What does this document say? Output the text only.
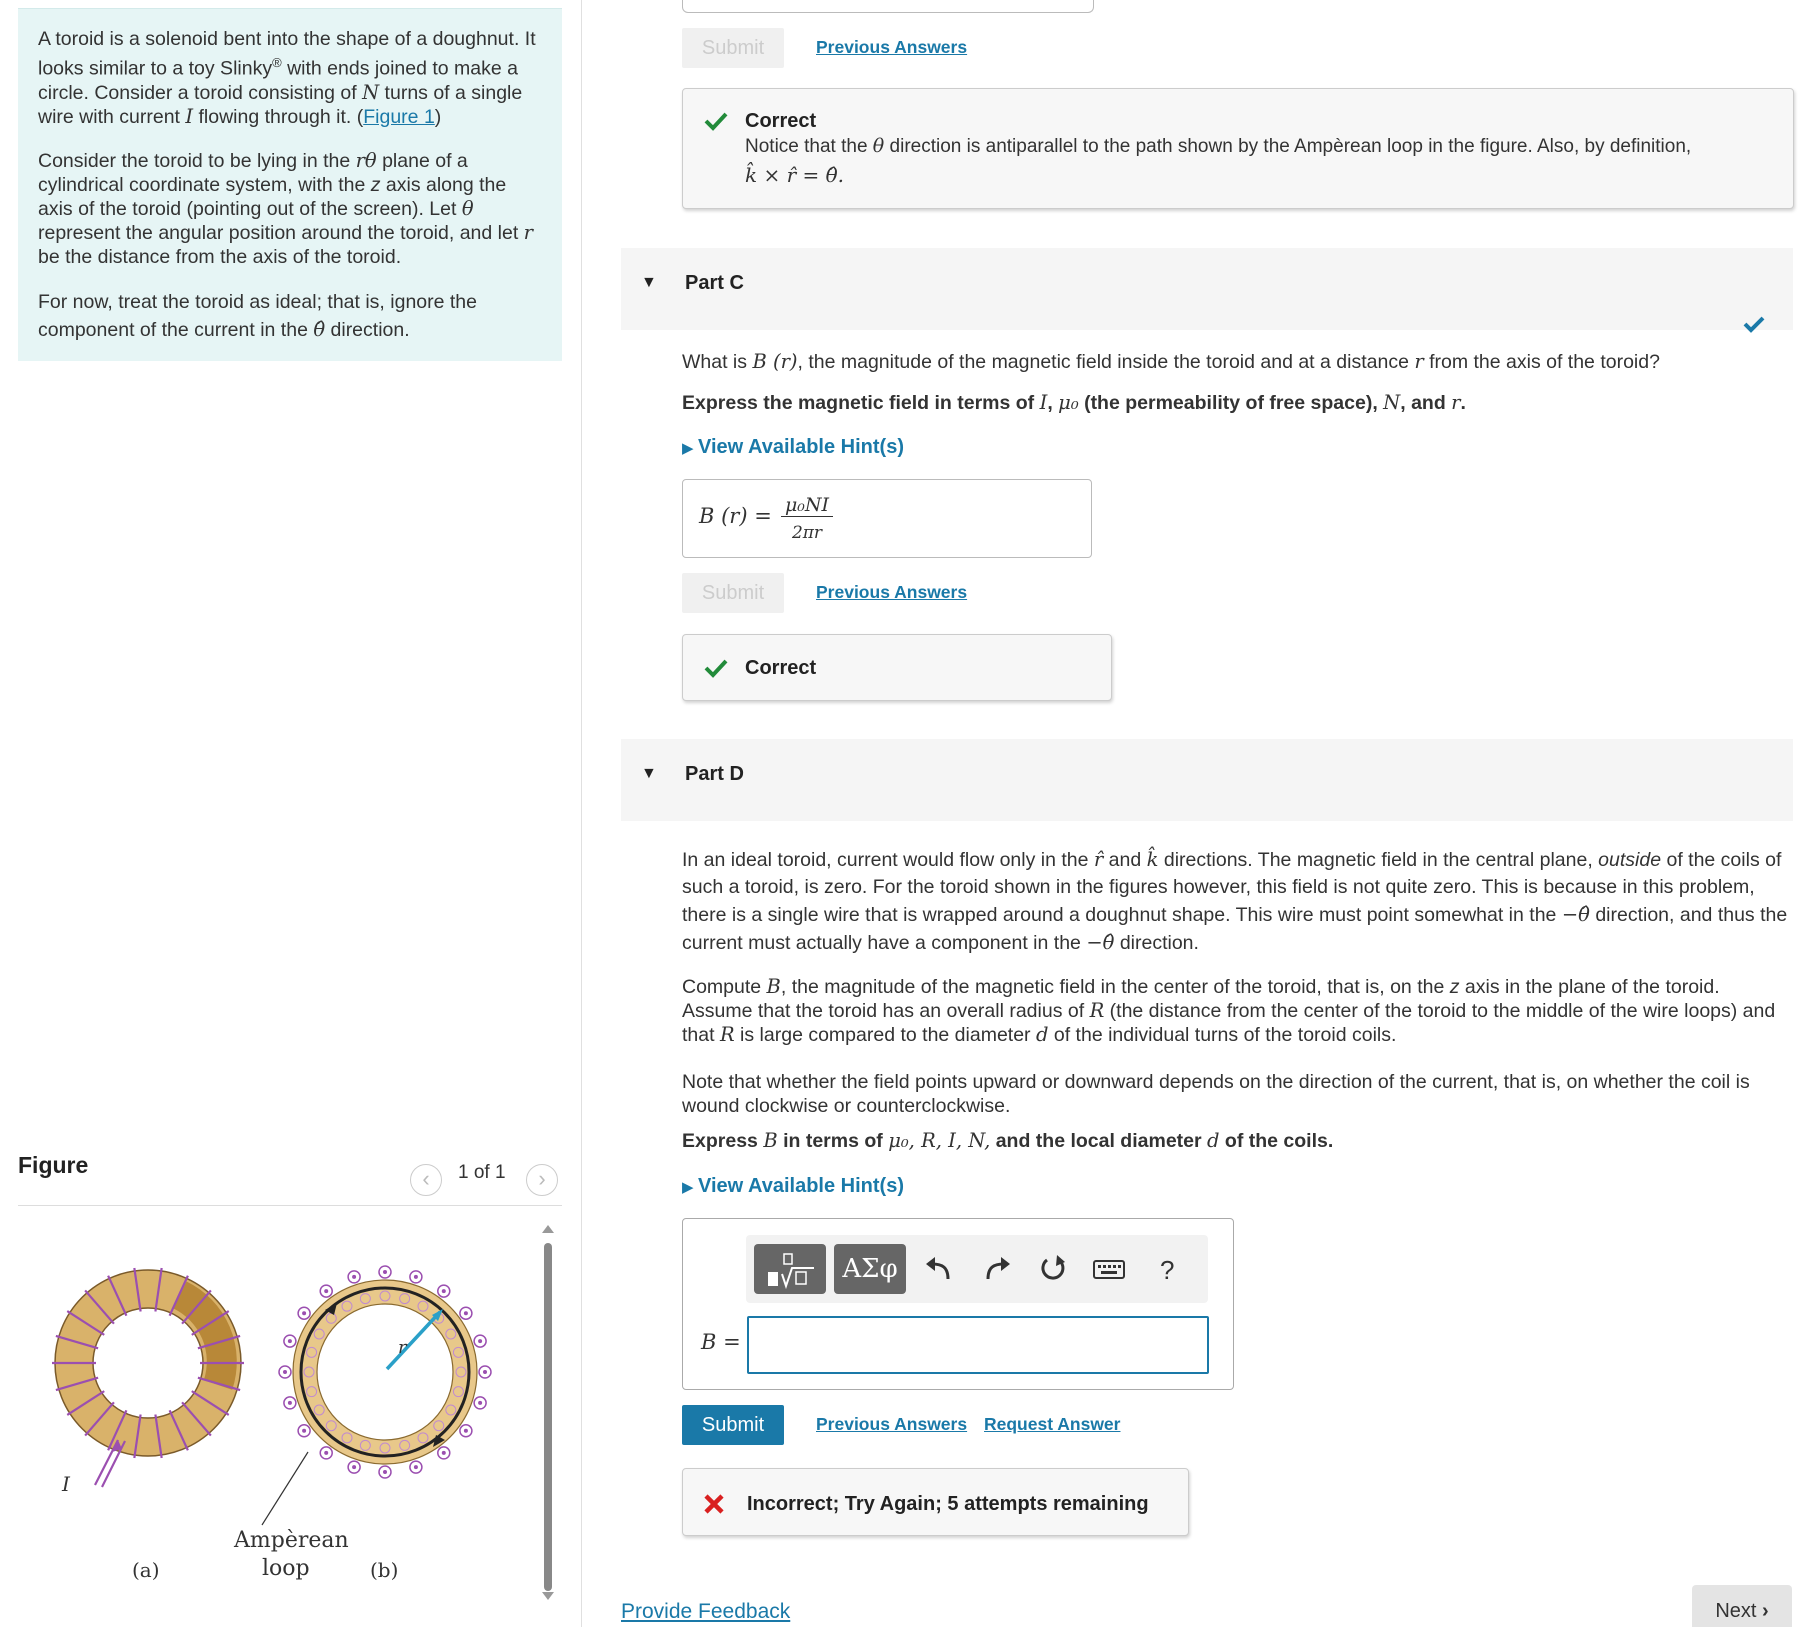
A toroid is a solenoid bent into the shape of a doughnut. It looks similar to a toy Slinky® with ends joined to make a circle. Consider a toroid consisting of N turns of a single wire with current I flowing through it. (Figure 1)

Consider the toroid to be lying in the rθ plane of a cylindrical coordinate system, with the z axis along the axis of the toroid (pointing out of the screen). Let θ represent the angular position around the toroid, and let r be the distance from the axis of the toroid.

For now, treat the toroid as ideal; that is, ignore the component of the current in the θ̂ direction.

Figure
‹	1 of 1	›
I
(a)
r
Ampèrean
loop	(b)
Submit	Previous Answers
Correct
Notice that the θ direction is antiparallel to the path shown by the Ampèrean loop in the figure. Also, by definition,
k̂ × r̂ = θ̂.
▼ Part C
What is B (r), the magnitude of the magnetic field inside the toroid and at a distance r from the axis of the toroid?
Express the magnetic field in terms of I, μ₀ (the permeability of free space), N, and r.
▶ View Available Hint(s)
B (r) = μ₀NI
2πr
Submit	Previous Answers
Correct
▼ Part D
In an ideal toroid, current would flow only in the r̂ and k̂ directions. The magnetic field in the central plane, outside of the coils of such a toroid, is zero. For the toroid shown in the figures however, this field is not quite zero. This is because in this problem, there is a single wire that is wrapped around a doughnut shape. This wire must point somewhat in the −θ̂ direction, and thus the current must actually have a component in the −θ̂ direction.
Compute B, the magnitude of the magnetic field in the center of the toroid, that is, on the z axis in the plane of the toroid. Assume that the toroid has an overall radius of R (the distance from the center of the toroid to the middle of the wire loops) and that R is large compared to the diameter d of the individual turns of the toroid coils.
Note that whether the field points upward or downward depends on the direction of the current, that is, on whether the coil is wound clockwise or counterclockwise.
Express B in terms of μ₀, R, I, N, and the local diameter d of the coils.
▶ View Available Hint(s)
ΑΣφ	?
B =
Submit	Previous Answers Request Answer
Incorrect; Try Again; 5 attempts remaining
Provide Feedback	Next ›
